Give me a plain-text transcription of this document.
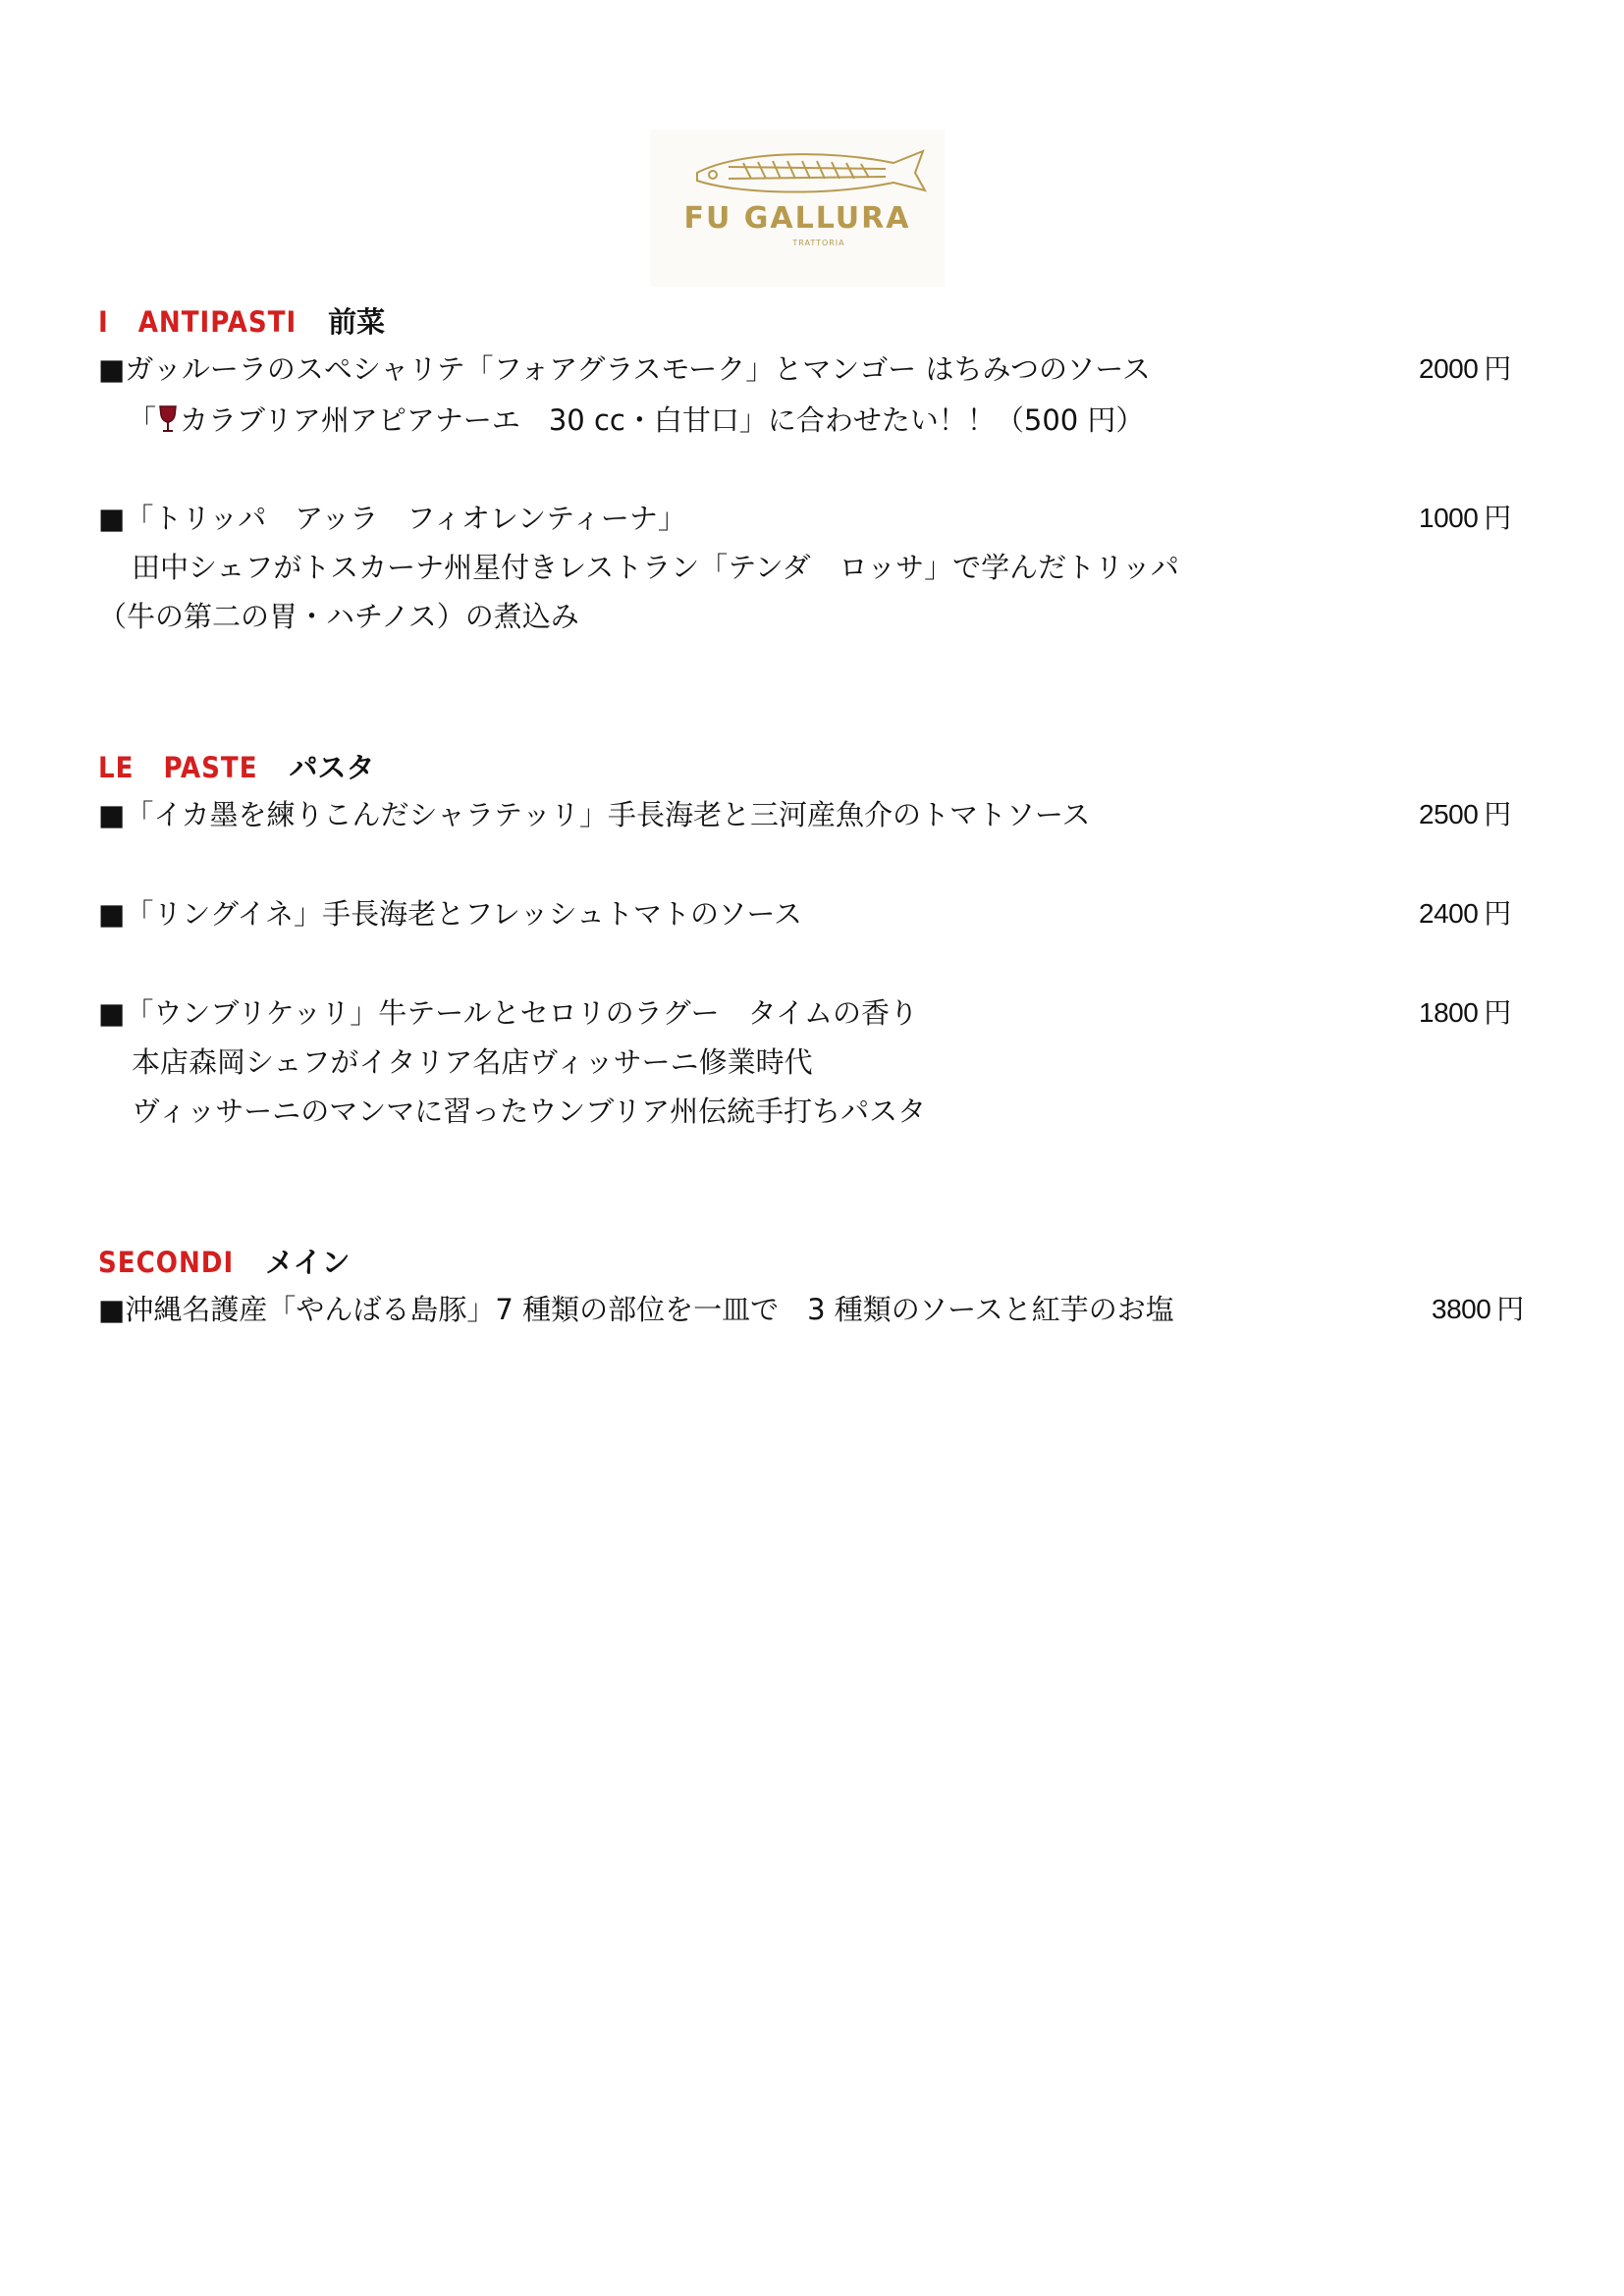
FU GALLURA
TRATTORIA
I　ANTIPASTI 前菜
■ガッルーラのスペシャリテ「フォアグラスモーク」とマンゴー はちみつのソース	2000 円
「 カラブリア州アピアナーエ　30 cc・白甘口」に合わせたい！！（500 円）
■「トリッパ　アッラ　フィオレンティーナ」	1000 円
田中シェフがトスカーナ州星付きレストラン「テンダ　ロッサ」で学んだトリッパ
（牛の第二の胃・ハチノス）の煮込み
LE　PASTE パスタ
■「イカ墨を練りこんだシャラテッリ」手長海老と三河産魚介のトマトソース	2500 円
■「リングイネ」手長海老とフレッシュトマトのソース	2400 円
■「ウンブリケッリ」牛テールとセロリのラグー　タイムの香り	1800 円
本店森岡シェフがイタリア名店ヴィッサーニ修業時代
ヴィッサーニのマンマに習ったウンブリア州伝統手打ちパスタ
SECONDI メイン
■沖縄名護産「やんばる島豚」7 種類の部位を一皿で　3 種類のソースと紅芋のお塩	3800 円
